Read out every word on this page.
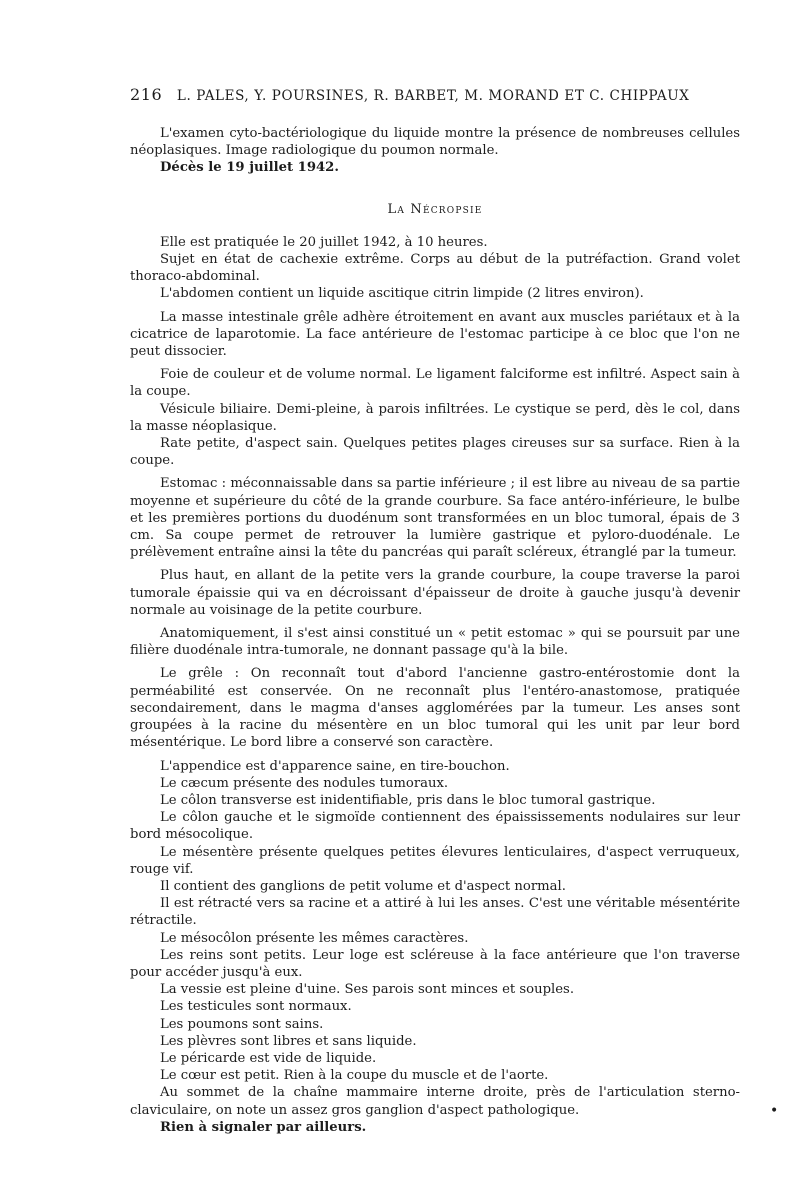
216 L. PALES, Y. POURSINES, R. BARBET, M. MORAND ET C. CHIPPAUX

L'examen cyto-bactériologique du liquide montre la présence de nombreuses cellules néoplasiques. Image radiologique du poumon normale.

Décès le 19 juillet 1942.

La Nécropsie

Elle est pratiquée le 20 juillet 1942, à 10 heures.

Sujet en état de cachexie extrême. Corps au début de la putréfaction. Grand volet thoraco-abdominal.

L'abdomen contient un liquide ascitique citrin limpide (2 litres environ).

La masse intestinale grêle adhère étroitement en avant aux muscles pariétaux et à la cicatrice de laparotomie. La face antérieure de l'estomac participe à ce bloc que l'on ne peut dissocier.

Foie de couleur et de volume normal. Le ligament falciforme est infiltré. Aspect sain à la coupe.

Vésicule biliaire. Demi-pleine, à parois infiltrées. Le cystique se perd, dès le col, dans la masse néoplasique.

Rate petite, d'aspect sain. Quelques petites plages cireuses sur sa surface. Rien à la coupe.

Estomac : méconnaissable dans sa partie inférieure ; il est libre au niveau de sa partie moyenne et supérieure du côté de la grande courbure. Sa face antéro-inférieure, le bulbe et les premières portions du duodénum sont transformées en un bloc tumoral, épais de 3 cm. Sa coupe permet de retrouver la lumière gastrique et pyloro-duodénale. Le prélèvement entraîne ainsi la tête du pancréas qui paraît scléreux, étranglé par la tumeur.

Plus haut, en allant de la petite vers la grande courbure, la coupe traverse la paroi tumorale épaissie qui va en décroissant d'épaisseur de droite à gauche jusqu'à devenir normale au voisinage de la petite courbure.

Anatomiquement, il s'est ainsi constitué un « petit estomac » qui se poursuit par une filière duodénale intra-tumorale, ne donnant passage qu'à la bile.

Le grêle : On reconnaît tout d'abord l'ancienne gastro-entérostomie dont la perméabilité est conservée. On ne reconnaît plus l'entéro-anastomose, pratiquée secondairement, dans le magma d'anses agglomérées par la tumeur. Les anses sont groupées à la racine du mésentère en un bloc tumoral qui les unit par leur bord mésentérique. Le bord libre a conservé son caractère.

L'appendice est d'apparence saine, en tire-bouchon.

Le cæcum présente des nodules tumoraux.

Le côlon transverse est inidentifiable, pris dans le bloc tumoral gastrique.

Le côlon gauche et le sigmoïde contiennent des épaississements nodulaires sur leur bord mésocolique.

Le mésentère présente quelques petites élevures lenticulaires, d'aspect verruqueux, rouge vif.

Il contient des ganglions de petit volume et d'aspect normal.

Il est rétracté vers sa racine et a attiré à lui les anses. C'est une véritable mésentérite rétractile.

Le mésocôlon présente les mêmes caractères.

Les reins sont petits. Leur loge est scléreuse à la face antérieure que l'on traverse pour accéder jusqu'à eux.

La vessie est pleine d'uine. Ses parois sont minces et souples.

Les testicules sont normaux.

Les poumons sont sains.

Les plèvres sont libres et sans liquide.

Le péricarde est vide de liquide.

Le cœur est petit. Rien à la coupe du muscle et de l'aorte.

Au sommet de la chaîne mammaire interne droite, près de l'articulation sterno-claviculaire, on note un assez gros ganglion d'aspect pathologique.

Rien à signaler par ailleurs.

•
